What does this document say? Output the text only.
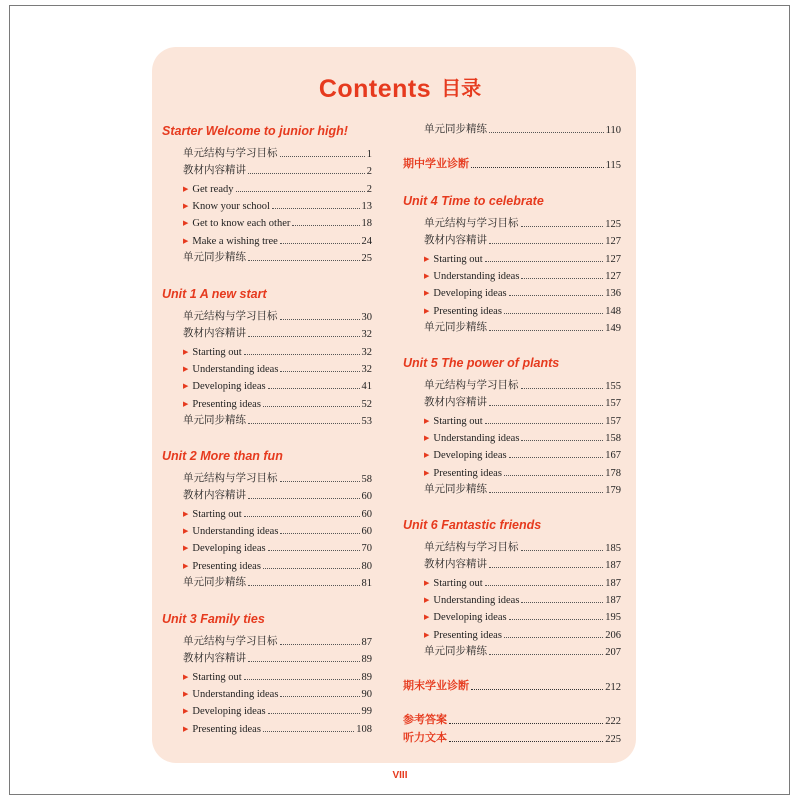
Contents 目录
Starter Welcome to junior high!
单元结构与学习目标	1
教材内容精讲	2
▶ Get ready	2
▶ Know your school	13
▶ Get to know each other	18
▶ Make a wishing tree	24
单元同步精练	25
Unit 1 A new start
单元结构与学习目标	30
教材内容精讲	32
▶ Starting out	32
▶ Understanding ideas	32
▶ Developing ideas	41
▶ Presenting ideas	52
单元同步精练	53
Unit 2 More than fun
单元结构与学习目标	58
教材内容精讲	60
▶ Starting out	60
▶ Understanding ideas	60
▶ Developing ideas	70
▶ Presenting ideas	80
单元同步精练	81
Unit 3 Family ties
单元结构与学习目标	87
教材内容精讲	89
▶ Starting out	89
▶ Understanding ideas	90
▶ Developing ideas	99
▶ Presenting ideas	108
单元同步精练	110
期中学业诊断	115
Unit 4 Time to celebrate
单元结构与学习目标	125
教材内容精讲	127
▶ Starting out	127
▶ Understanding ideas	127
▶ Developing ideas	136
▶ Presenting ideas	148
单元同步精练	149
Unit 5 The power of plants
单元结构与学习目标	155
教材内容精讲	157
▶ Starting out	157
▶ Understanding ideas	158
▶ Developing ideas	167
▶ Presenting ideas	178
单元同步精练	179
Unit 6 Fantastic friends
单元结构与学习目标	185
教材内容精讲	187
▶ Starting out	187
▶ Understanding ideas	187
▶ Developing ideas	195
▶ Presenting ideas	206
单元同步精练	207
期末学业诊断	212
参考答案	222
听力文本	225
VIII
